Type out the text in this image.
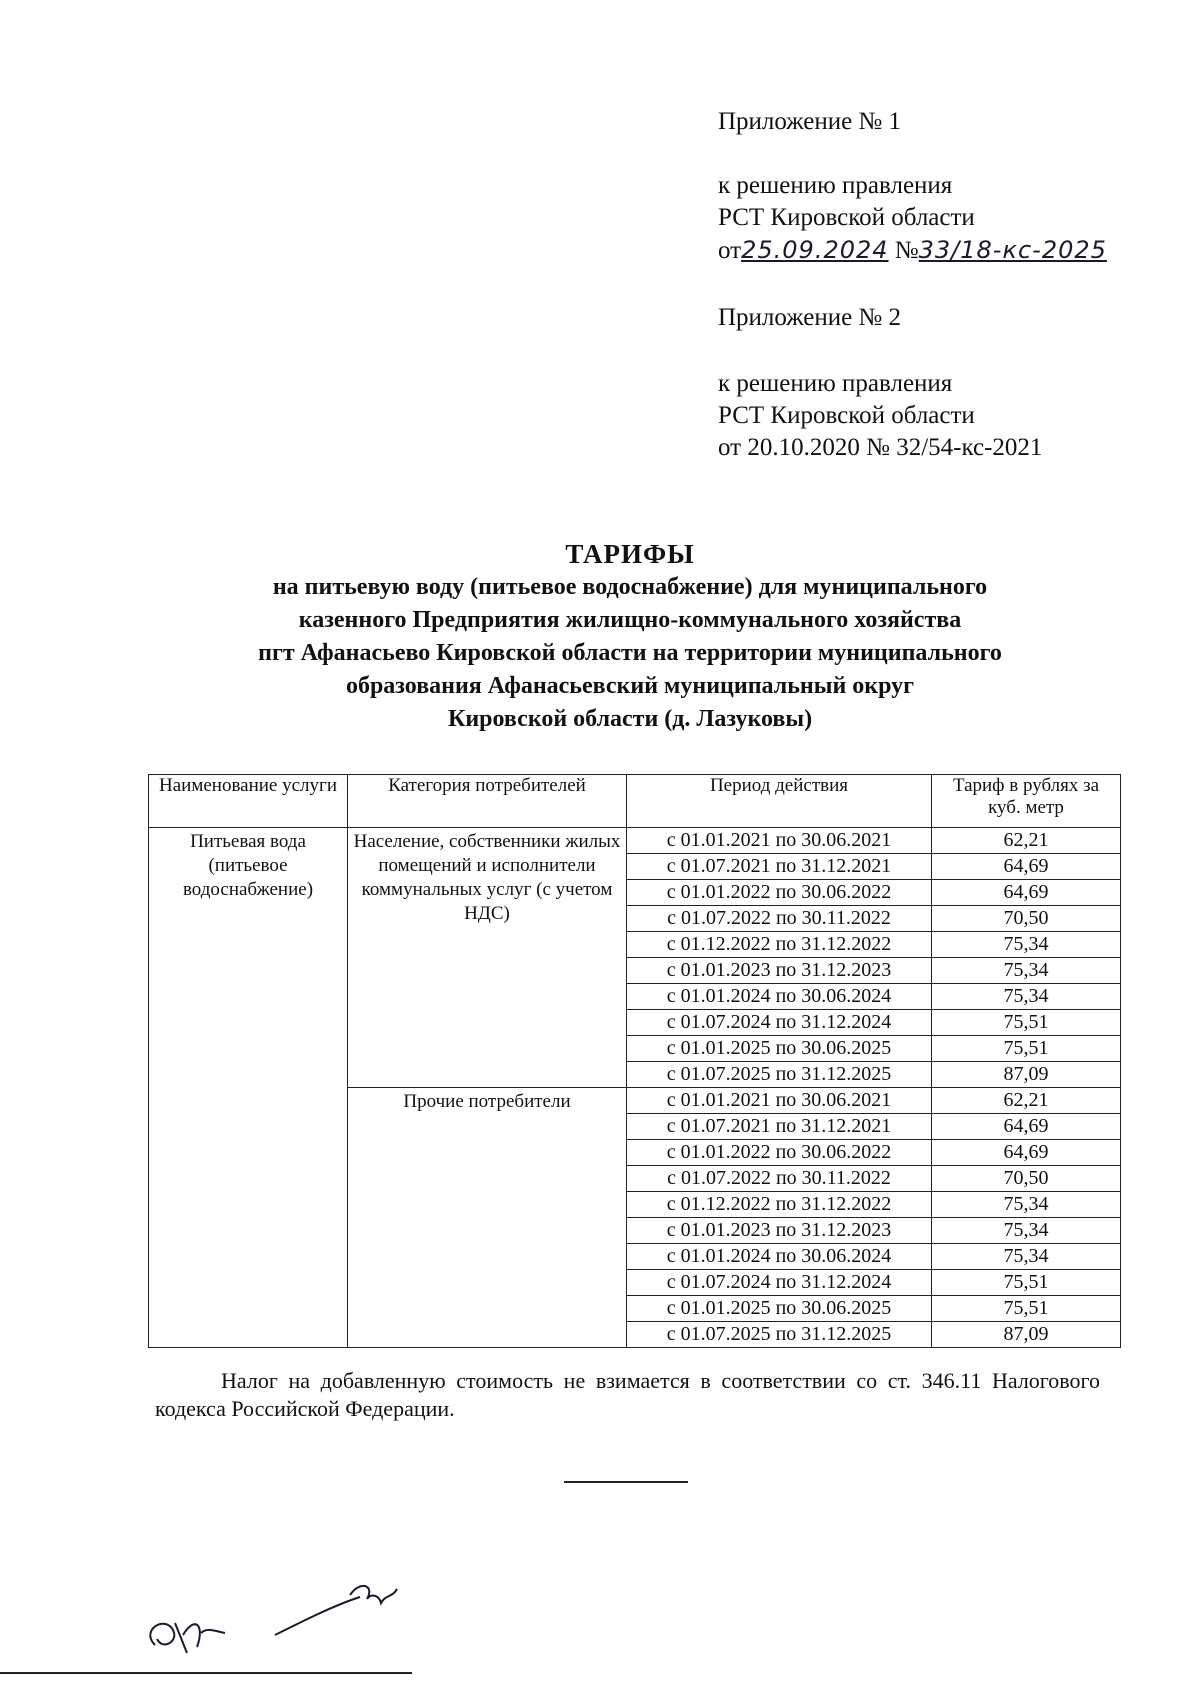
Приложение № 1
к решению правления
РСТ Кировской области
от25.09.2024 №33/18-кс-2025
Приложение № 2
к решению правления
РСТ Кировской области
от 20.10.2020 № 32/54-кс-2021
ТАРИФЫ
на питьевую воду (питьевое водоснабжение) для муниципального
казенного Предприятия жилищно-коммунального хозяйства
пгт Афанасьево Кировской области на территории муниципального
образования Афанасьевский муниципальный округ
Кировской области (д. Лазуковы)
Наименование услуги	Категория потребителей	Период действия	Тариф в рублях за куб. метр
Питьевая вода (питьевое водоснабжение)	Население, собственники жилых помещений и исполнители коммунальных услуг (с учетом НДС)	с 01.01.2021 по 30.06.2021	62,21
		с 01.07.2021 по 31.12.2021	64,69
		с 01.01.2022 по 30.06.2022	64,69
		с 01.07.2022 по 30.11.2022	70,50
		с 01.12.2022 по 31.12.2022	75,34
		с 01.01.2023 по 31.12.2023	75,34
		с 01.01.2024 по 30.06.2024	75,34
		с 01.07.2024 по 31.12.2024	75,51
		с 01.01.2025 по 30.06.2025	75,51
		с 01.07.2025 по 31.12.2025	87,09
	Прочие потребители	с 01.01.2021 по 30.06.2021	62,21
		с 01.07.2021 по 31.12.2021	64,69
		с 01.01.2022 по 30.06.2022	64,69
		с 01.07.2022 по 30.11.2022	70,50
		с 01.12.2022 по 31.12.2022	75,34
		с 01.01.2023 по 31.12.2023	75,34
		с 01.01.2024 по 30.06.2024	75,34
		с 01.07.2024 по 31.12.2024	75,51
		с 01.01.2025 по 30.06.2025	75,51
		с 01.07.2025 по 31.12.2025	87,09
Налог на добавленную стоимость не взимается в соответствии со ст. 346.11 Налогового кодекса Российской Федерации.
